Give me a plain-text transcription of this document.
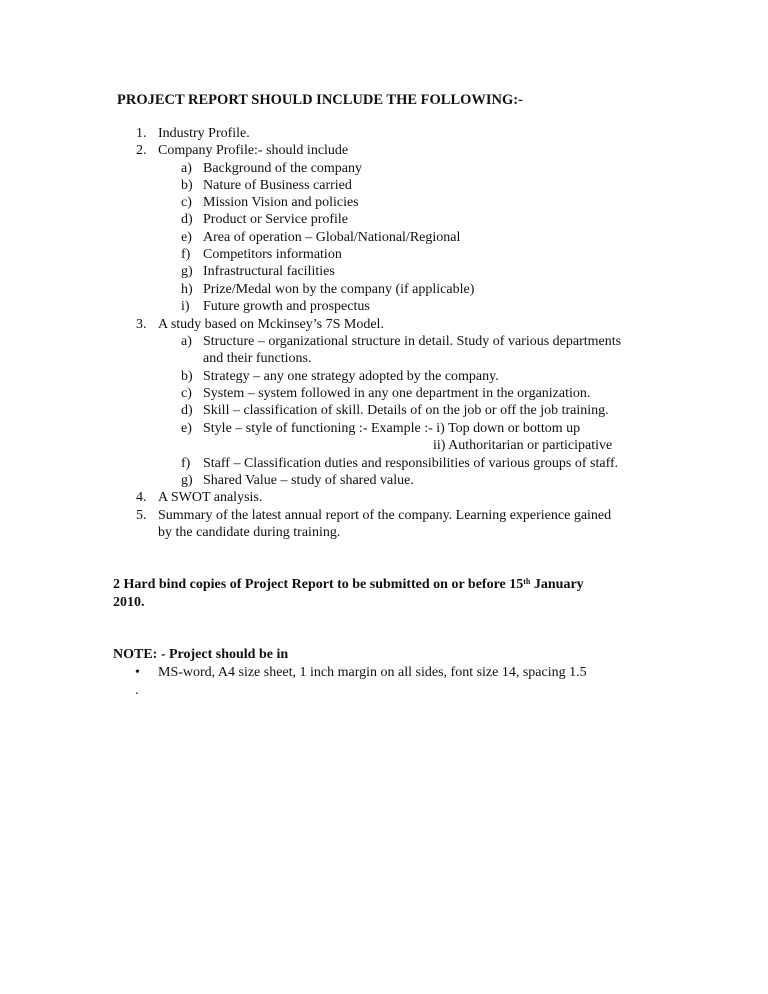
PROJECT REPORT SHOULD INCLUDE THE FOLLOWING:-
1. Industry Profile.
2. Company Profile:- should include
a) Background of the company
b) Nature of Business carried
c) Mission Vision and policies
d) Product or Service profile
e) Area of operation – Global/National/Regional
f) Competitors information
g) Infrastructural facilities
h) Prize/Medal won by the company (if applicable)
i) Future growth and prospectus
3. A study based on Mckinsey’s 7S Model.
a) Structure – organizational structure in detail. Study of various departments
and their functions.
b) Strategy – any one strategy adopted by the company.
c) System – system followed in any one department in the organization.
d) Skill – classification of skill. Details of on the job or off the job training.
e) Style – style of functioning :- Example :- i) Top down or bottom up
ii) Authoritarian or participative
f) Staff – Classification duties and responsibilities of various groups of staff.
g) Shared Value – study of shared value.
4. A SWOT analysis.
5. Summary of the latest annual report of the company. Learning experience gained
by the candidate during training.
2 Hard bind copies of Project Report to be submitted on or before 15th January
2010.
NOTE: - Project should be in
• MS-word, A4 size sheet, 1 inch margin on all sides, font size 14, spacing 1.5
.
